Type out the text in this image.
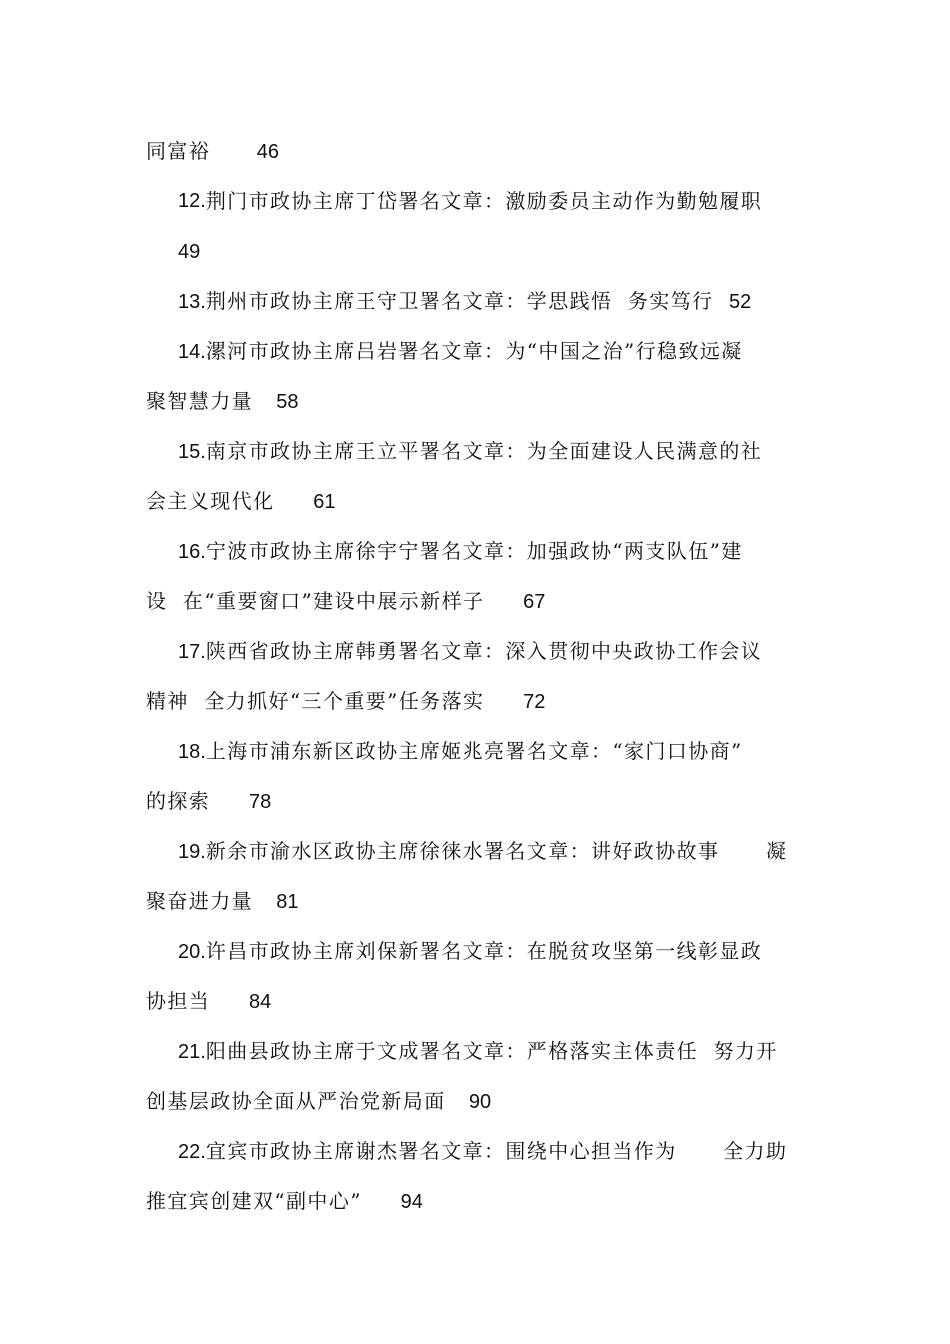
同富裕 46
12. 荆门市政协主席丁岱署名文章：激励委员主动作为勤勉履职
49
13.荆州市政协主席王守卫署名文章：学思践悟  务实笃行 52
14.漯河市政协主席吕岩署名文章：为“中国之治”行稳致远凝
聚智慧力量 58
15.南京市政协主席王立平署名文章：为全面建设人民满意的社
会主义现代化 61
16.宁波市政协主席徐宇宁署名文章：加强政协“两支队伍”建
设  在“重要窗口”建设中展示新样子 67
17.陕西省政协主席韩勇署名文章：深入贯彻中央政协工作会议
精神  全力抓好“三个重要”任务落实 72
18.上海市浦东新区政协主席姬兆亮署名文章：“家门口协商”
的探索 78
19.新余市渝水区政协主席徐徕水署名文章：讲好政协故事      凝
聚奋进力量 81
20.许昌市政协主席刘保新署名文章：在脱贫攻坚第一线彰显政
协担当 84
21.阳曲县政协主席于文成署名文章：严格落实主体责任  努力开
创基层政协全面从严治党新局面 90
22.宜宾市政协主席谢杰署名文章：围绕中心担当作为      全力助
推宜宾创建双“副中心” 94
